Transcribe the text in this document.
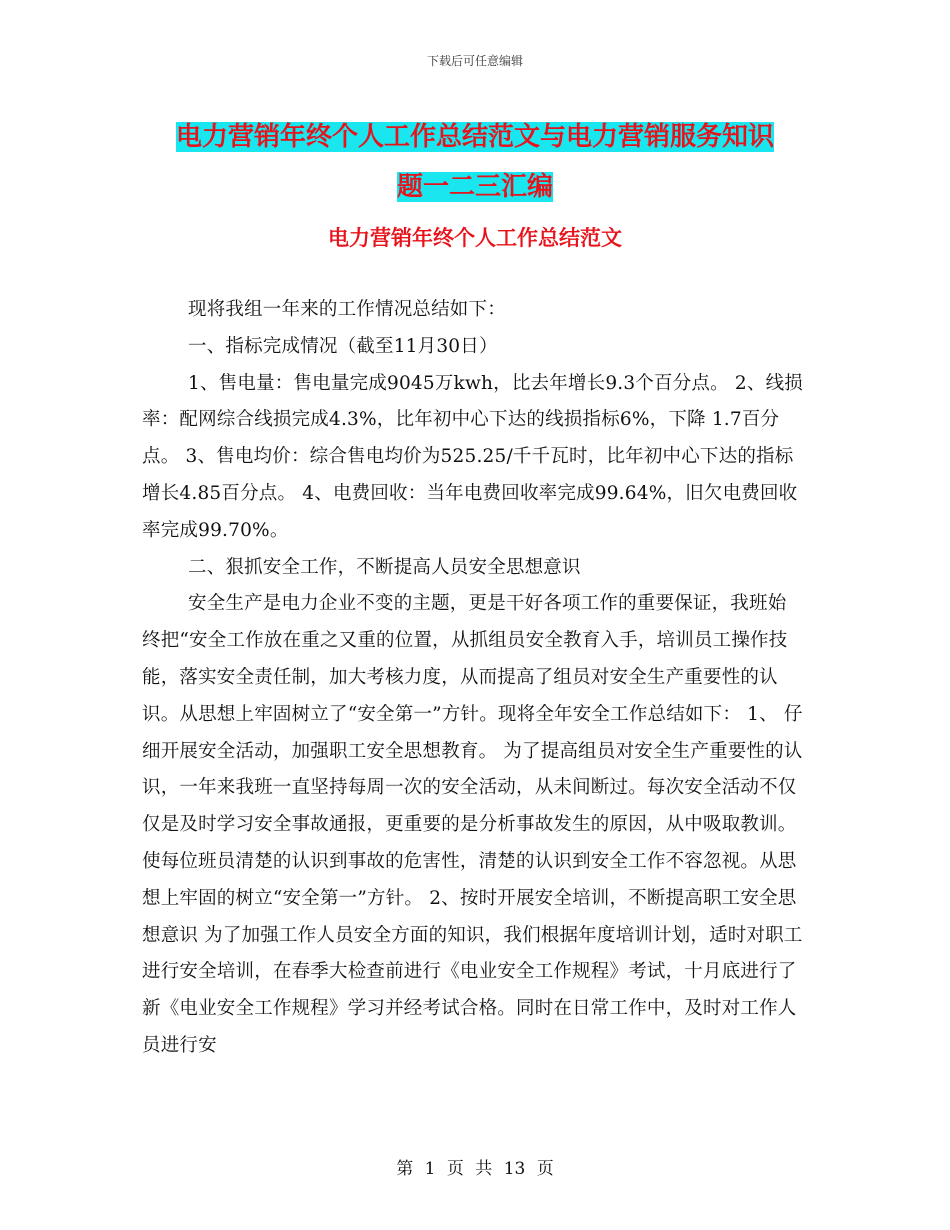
下载后可任意编辑
电力营销年终个人工作总结范文与电力营销服务知识
题一二三汇编
电力营销年终个人工作总结范文

现将我组一年来的工作情况总结如下：

一、指标完成情况（截至11月30日）

1、售电量：售电量完成9045万kwh，比去年增长9.3个百分点。 2、线损率：配网综合线损完成4.3%，比年初中心下达的线损指标6%，下降 1.7百分点。 3、售电均价：综合售电均价为525.25/千千瓦时，比年初中心下达的指标增长4.85百分点。 4、电费回收：当年电费回收率完成99.64%，旧欠电费回收率完成99.70%。

二、狠抓安全工作，不断提高人员安全思想意识

安全生产是电力企业不变的主题，更是干好各项工作的重要保证，我班始终把“安全工作放在重之又重的位置，从抓组员安全教育入手，培训员工操作技能，落实安全责任制，加大考核力度，从而提高了组员对安全生产重要性的认识。从思想上牢固树立了“安全第一”方针。现将全年安全工作总结如下： 1、 仔细开展安全活动，加强职工安全思想教育。 为了提高组员对安全生产重要性的认识，一年来我班一直坚持每周一次的安全活动，从未间断过。每次安全活动不仅仅是及时学习安全事故通报，更重要的是分析事故发生的原因，从中吸取教训。使每位班员清楚的认识到事故的危害性，清楚的认识到安全工作不容忽视。从思想上牢固的树立“安全第一”方针。 2、按时开展安全培训，不断提高职工安全思想意识 为了加强工作人员安全方面的知识，我们根据年度培训计划，适时对职工进行安全培训，在春季大检查前进行《电业安全工作规程》考试，十月底进行了新《电业安全工作规程》学习并经考试合格。同时在日常工作中，及时对工作人员进行安

第 1 页 共 13 页
